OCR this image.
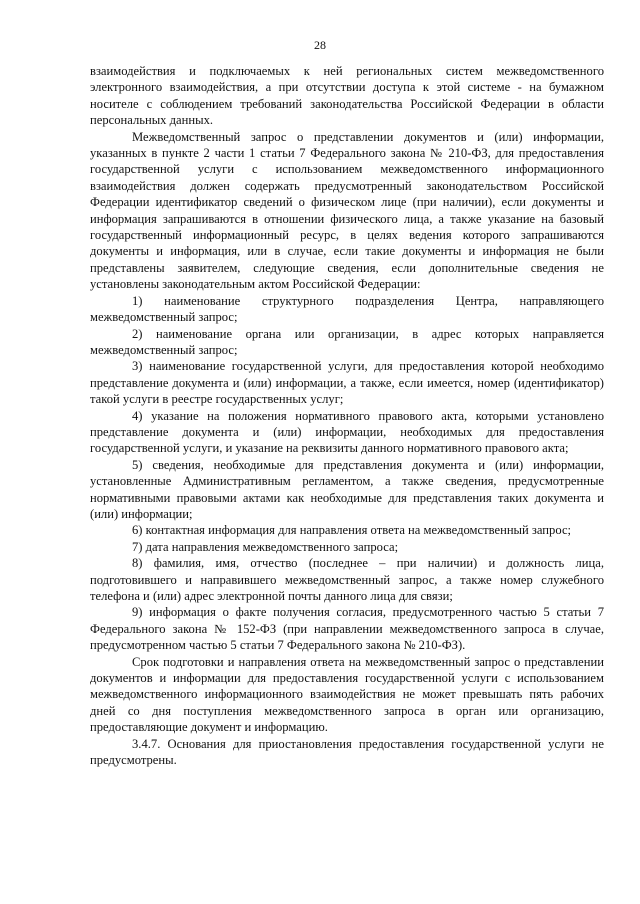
28

взаимодействия и подключаемых к ней региональных систем межведомственного электронного взаимодействия, а при отсутствии доступа к этой системе - на бумажном носителе с соблюдением требований законодательства Российской Федерации в области персональных данных.

Межведомственный запрос о представлении документов и (или) информации, указанных в пункте 2 части 1 статьи 7 Федерального закона № 210-ФЗ, для предоставления государственной услуги с использованием межведомственного информационного взаимодействия должен содержать предусмотренный законодательством Российской Федерации идентификатор сведений о физическом лице (при наличии), если документы и информация запрашиваются в отношении физического лица, а также указание на базовый государственный информационный ресурс, в целях ведения которого запрашиваются документы и информация, или в случае, если такие документы и информация не были представлены заявителем, следующие сведения, если дополнительные сведения не установлены законодательным актом Российской Федерации:

1) наименование структурного подразделения Центра, направляющего межведомственный запрос;

2) наименование органа или организации, в адрес которых направляется межведомственный запрос;

3) наименование государственной услуги, для предоставления которой необходимо представление документа и (или) информации, а также, если имеется, номер (идентификатор) такой услуги в реестре государственных услуг;

4) указание на положения нормативного правового акта, которыми установлено представление документа и (или) информации, необходимых для предоставления государственной услуги, и указание на реквизиты данного нормативного правового акта;

5) сведения, необходимые для представления документа и (или) информации, установленные Административным регламентом, а также сведения, предусмотренные нормативными правовыми актами как необходимые для представления таких документа и (или) информации;

6) контактная информация для направления ответа на межведомственный запрос;

7) дата направления межведомственного запроса;

8) фамилия, имя, отчество (последнее – при наличии) и должность лица, подготовившего и направившего межведомственный запрос, а также номер служебного телефона и (или) адрес электронной почты данного лица для связи;

9) информация о факте получения согласия, предусмотренного частью 5 статьи 7 Федерального закона № 152-ФЗ (при направлении межведомственного запроса в случае, предусмотренном частью 5 статьи 7 Федерального закона № 210-ФЗ).

Срок подготовки и направления ответа на межведомственный запрос о представлении документов и информации для предоставления государственной услуги с использованием межведомственного информационного взаимодействия не может превышать пять рабочих дней со дня поступления межведомственного запроса в орган или организацию, предоставляющие документ и информацию.

3.4.7. Основания для приостановления предоставления государственной услуги не предусмотрены.
